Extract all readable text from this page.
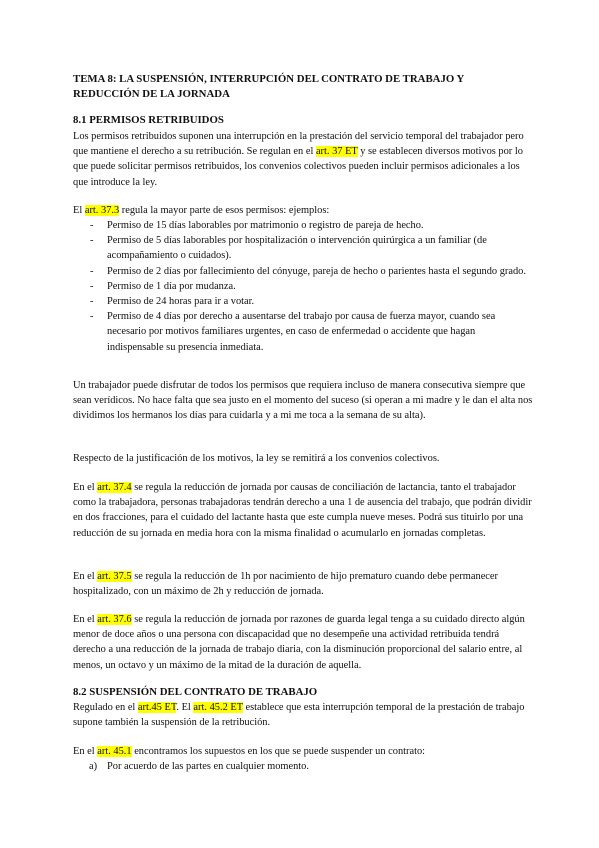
TEMA 8: LA SUSPENSIÓN, INTERRUPCIÓN DEL CONTRATO DE TRABAJO Y REDUCCIÓN DE LA JORNADA

8.1 PERMISOS RETRIBUIDOS

Los permisos retribuidos suponen una interrupción en la prestación del servicio temporal del trabajador pero que mantiene el derecho a su retribución. Se regulan en el art. 37 ET y se establecen diversos motivos por lo que puede solicitar permisos retribuidos, los convenios colectivos pueden incluir permisos adicionales a los que introduce la ley.

El art. 37.3 regula la mayor parte de esos permisos: ejemplos:

- Permiso de 15 días laborables por matrimonio o registro de pareja de hecho.
- Permiso de 5 días laborables por hospitalización o intervención quirúrgica a un familiar (de acompañamiento o cuidados).
- Permiso de 2 días por fallecimiento del cónyuge, pareja de hecho o parientes hasta el segundo grado.
- Permiso de 1 día por mudanza.
- Permiso de 24 horas para ir a votar.
- Permiso de 4 días por derecho a ausentarse del trabajo por causa de fuerza mayor, cuando sea necesario por motivos familiares urgentes, en caso de enfermedad o accidente que hagan indispensable su presencia inmediata.

Un trabajador puede disfrutar de todos los permisos que requiera incluso de manera consecutiva siempre que sean verídicos. No hace falta que sea justo en el momento del suceso (si operan a mi madre y le dan el alta nos dividimos los hermanos los días para cuidarla y a mi me toca a la semana de su alta).

Respecto de la justificación de los motivos, la ley se remitirá a los convenios colectivos.

En el art. 37.4 se regula la reducción de jornada por causas de conciliación de lactancia, tanto el trabajador como la trabajadora, personas trabajadoras tendrán derecho a una 1 de ausencia del trabajo, que podrán dividir en dos fracciones, para el cuidado del lactante hasta que este cumpla nueve meses. Podrá sus tituirlo por una reducción de su jornada en media hora con la misma finalidad o acumularlo en jornadas completas.

En el art. 37.5 se regula la reducción de 1h por nacimiento de hijo prematuro cuando debe permanecer hospitalizado, con un máximo de 2h y reducción de jornada.

En el art. 37.6 se regula la reducción de jornada por razones de guarda legal tenga a su cuidado directo algún menor de doce años o una persona con discapacidad que no desempeñe una actividad retribuida tendrá derecho a una reducción de la jornada de trabajo diaria, con la disminución proporcional del salario entre, al menos, un octavo y un máximo de la mitad de la duración de aquella.

8.2 SUSPENSIÓN DEL CONTRATO DE TRABAJO

Regulado en el art.45 ET. El art. 45.2 ET establece que esta interrupción temporal de la prestación de trabajo supone también la suspensión de la retribución.

En el art. 45.1 encontramos los supuestos en los que se puede suspender un contrato:

a) Por acuerdo de las partes en cualquier momento.
